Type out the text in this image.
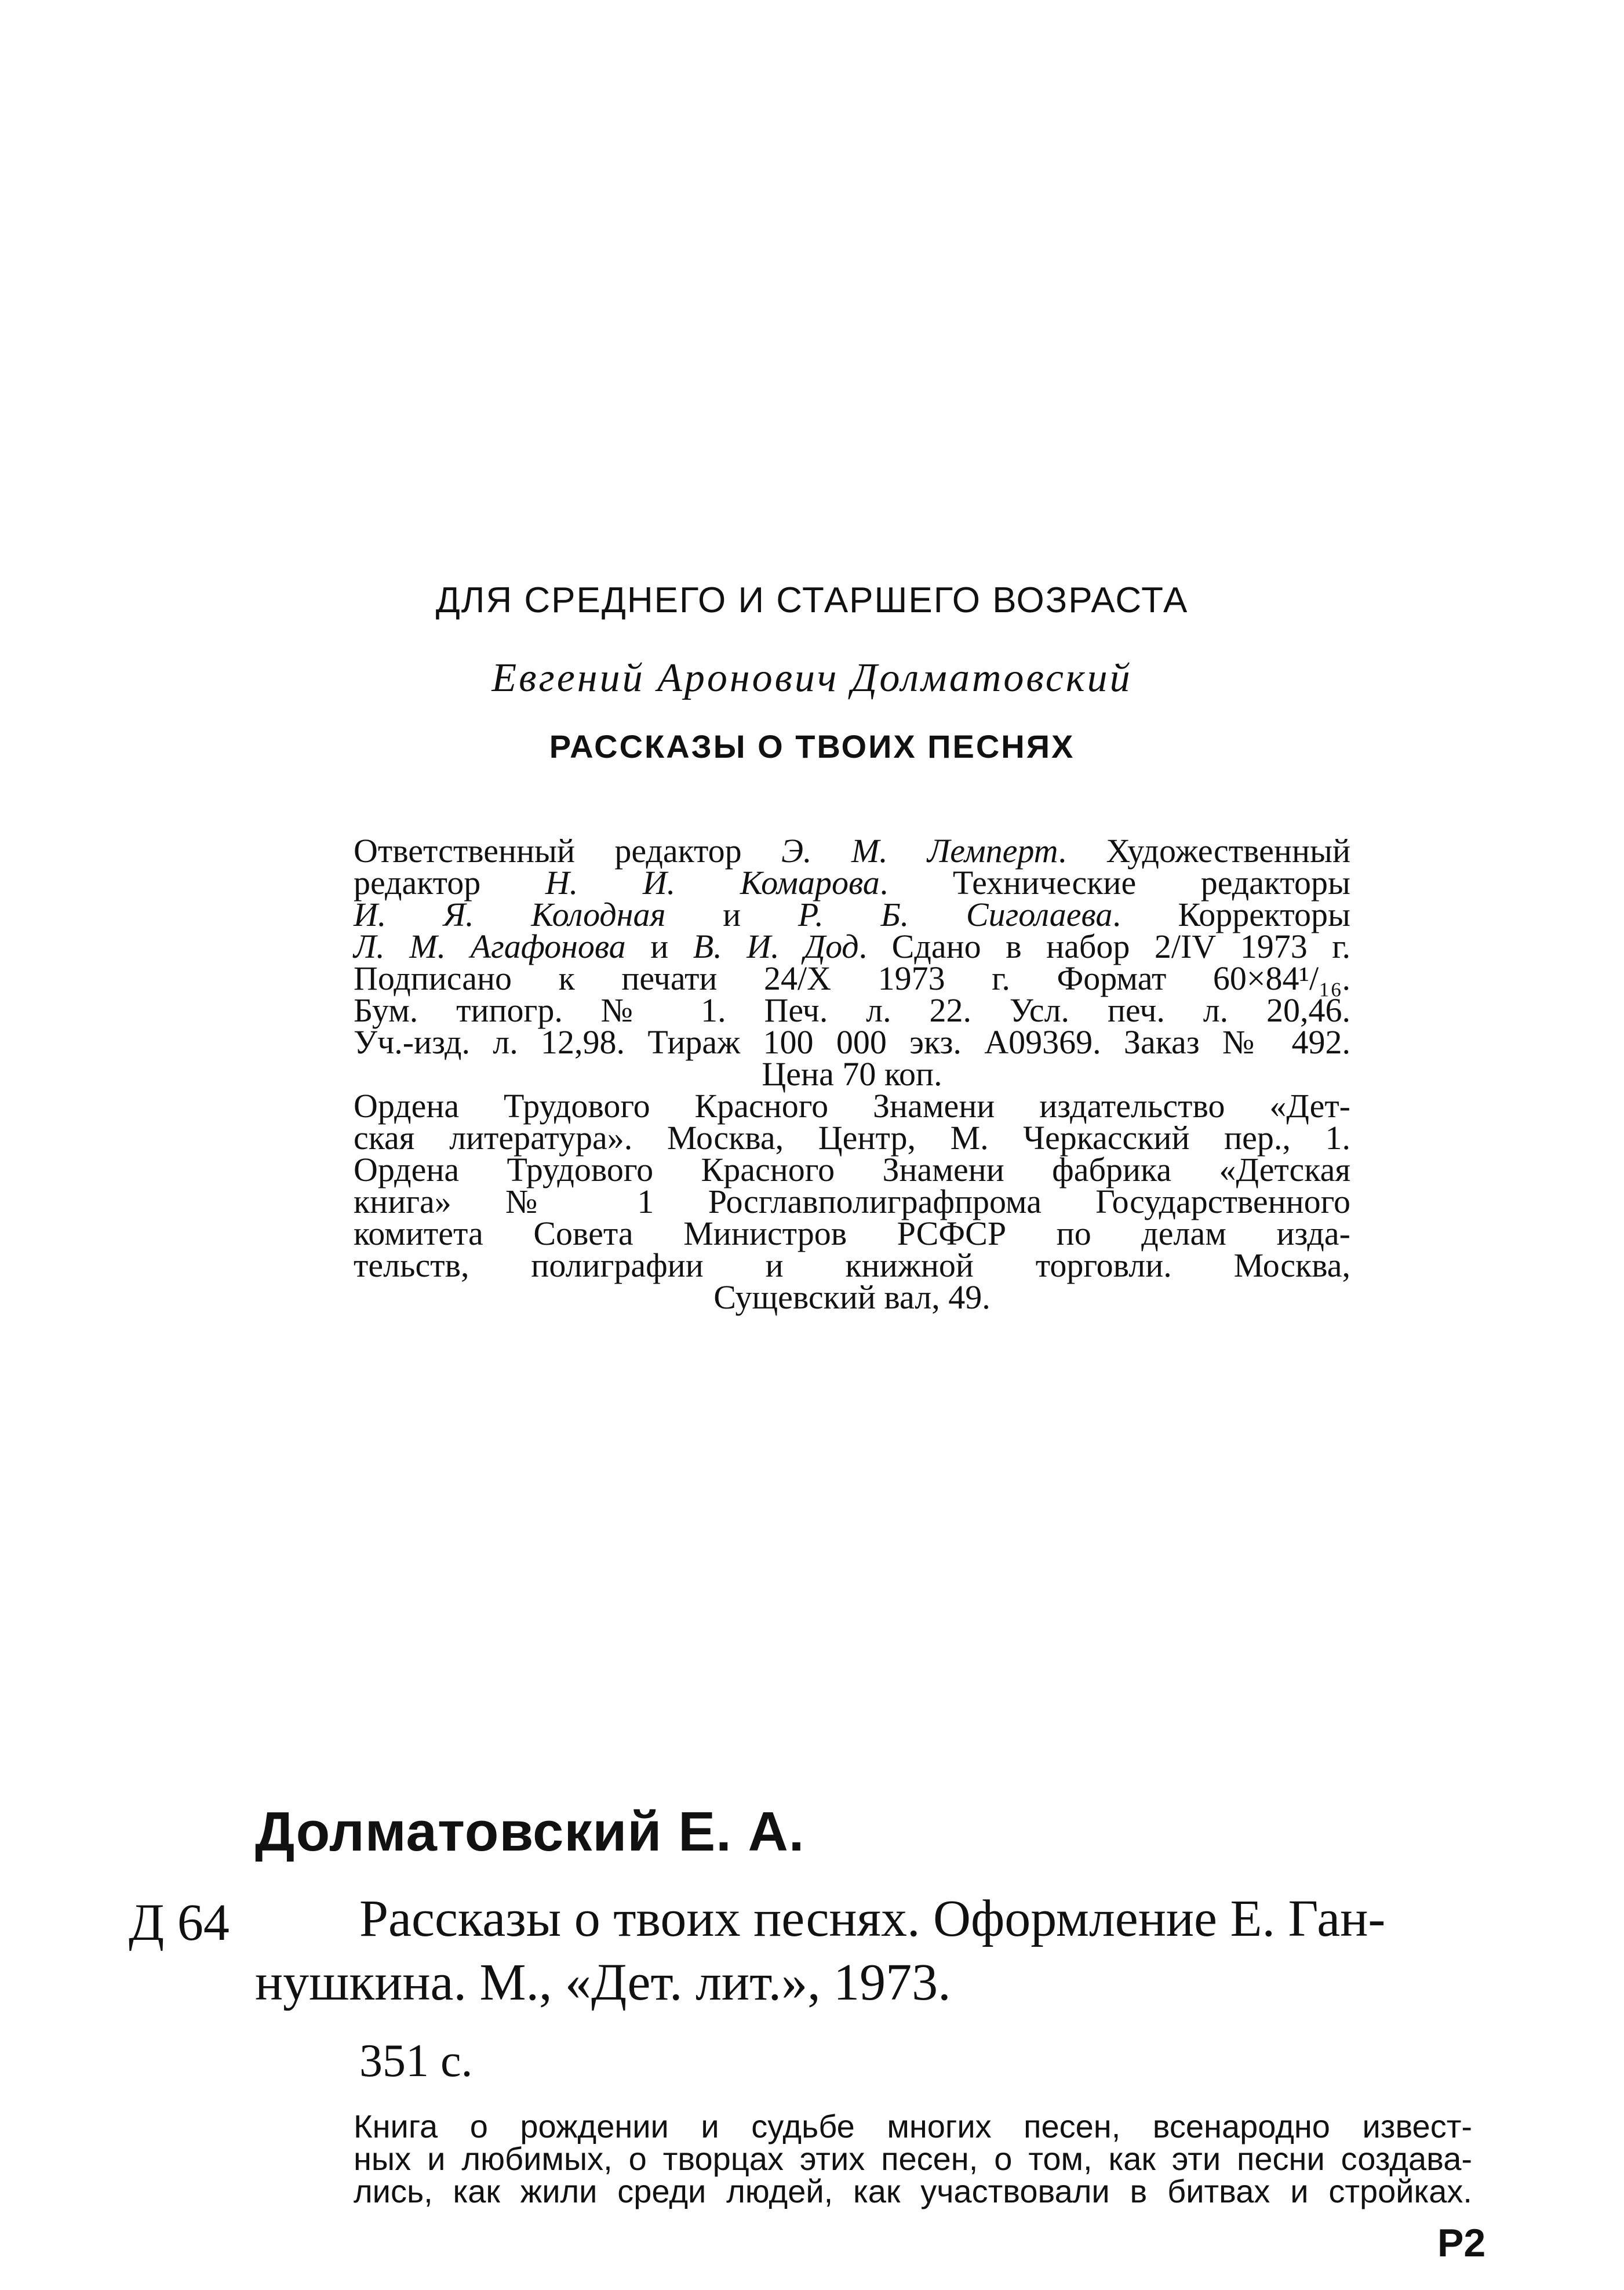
ДЛЯ СРЕДНЕГО И СТАРШЕГО ВОЗРАСТА
Евгений Аронович Долматовский
РАССКАЗЫ О ТВОИХ ПЕСНЯХ
Ответственный редактор Э. М. Лемперт. Художественный
редактор Н. И. Комарова. Технические редакторы
И. Я. Колодная и Р. Б. Сиголаева. Корректоры
Л. М. Агафонова и В. И. Дод. Сдано в набор 2/IV 1973 г.
Подписано к печати 24/X 1973 г. Формат 60×84¹/₁₆.
Бум. типогр. № 1. Печ. л. 22. Усл. печ. л. 20,46.
Уч.-изд. л. 12,98. Тираж 100 000 экз. А09369. Заказ № 492.
Цена 70 коп.
Ордена Трудового Красного Знамени издательство «Дет-
ская литература». Москва, Центр, М. Черкасский пер., 1.
Ордена Трудового Красного Знамени фабрика «Детская
книга» № 1 Росглавполиграфпрома Государственного
комитета Совета Министров РСФСР по делам изда-
тельств, полиграфии и книжной торговли. Москва,
Сущевский вал, 49.
Долматовский Е. А.
Д 64	Рассказы о твоих песнях. Оформление Е. Ган-
нушкина. М., «Дет. лит.», 1973.
351 с.
Книга о рождении и судьбе многих песен, всенародно извест-
ных и любимых, о творцах этих песен, о том, как эти песни создава-
лись, как жили среди людей, как участвовали в битвах и стройках.
Р2
